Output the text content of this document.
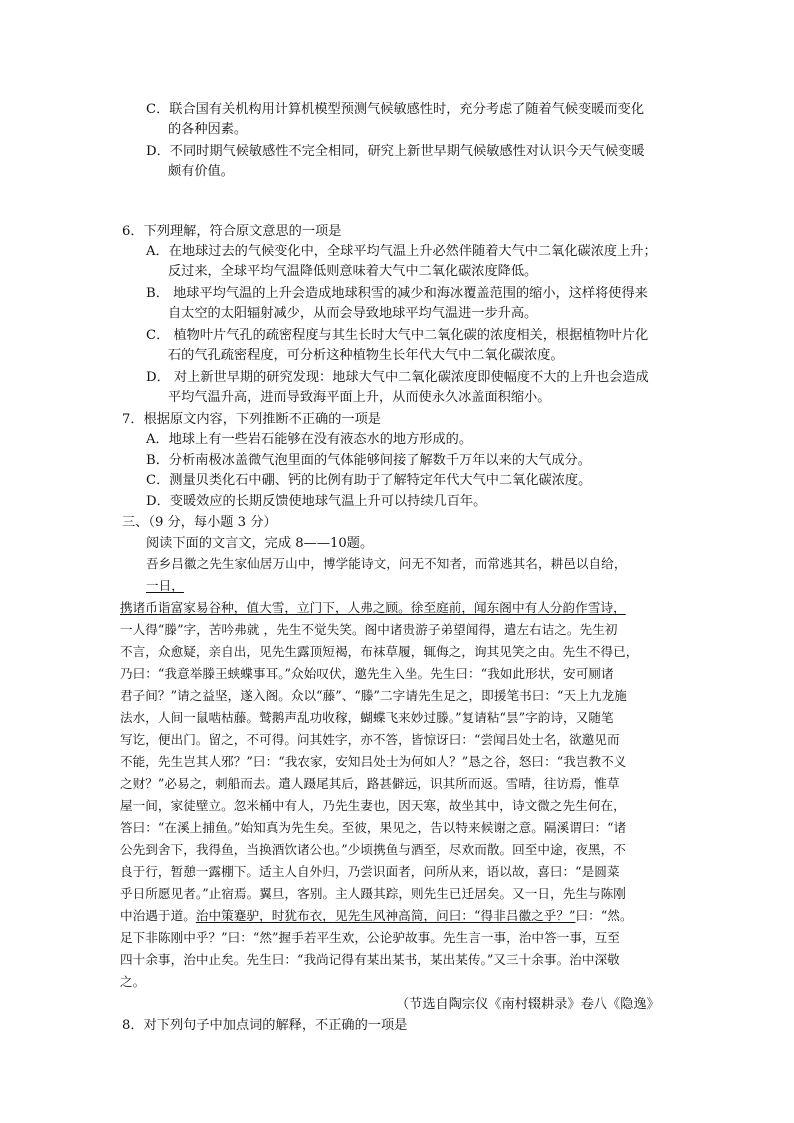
C．联合国有关机构用计算机模型预测气候敏感性时，充分考虑了随着气候变暖而变化
的各种因素。
D．不同时期气候敏感性不完全相同，研究上新世早期气候敏感性对认识今天气候变暖
颇有价值。
6．下列理解，符合原文意思的一项是
A．在地球过去的气候变化中，全球平均气温上升必然伴随着大气中二氧化碳浓度上升；
反过来，全球平均气温降低则意味着大气中二氧化碳浓度降低。
B． 地球平均气温的上升会造成地球积雪的减少和海冰覆盖范围的缩小，这样将使得来
自太空的太阳辐射减少，从而会导致地球平均气温进一步升高。
C． 植物叶片气孔的疏密程度与其生长时大气中二氧化碳的浓度相关，根据植物叶片化
石的气孔疏密程度，可分析这种植物生长年代大气中二氧化碳浓度。
D． 对上新世早期的研究发现：地球大气中二氧化碳浓度即使幅度不大的上升也会造成
平均气温升高，进而导致海平面上升，从而使永久冰盖面积缩小。
7．根据原文内容，下列推断不正确的一项是
A．地球上有一些岩石能够在没有液态水的地方形成的。
B．分析南极冰盖微气泡里面的气体能够间接了解数千万年以来的大气成分。
C．测量贝类化石中硼、钙的比例有助于了解特定年代大气中二氧化碳浓度。
D．变暖效应的长期反馈使地球气温上升可以持续几百年。
三、（9 分，每小题 3 分）
阅读下面的文言文，完成 8——10题。
吾乡吕徽之先生家仙居万山中，博学能诗文，问无不知者，而常逃其名，耕邑以自给，
一日，
携诸币诣富家易谷种，值大雪，立门下，人弗之顾。徐至庭前，闻东阁中有人分韵作雪诗，
一人得“滕”字，苦吟弗就 ，先生不觉失笑。阁中诸贵游子弟望闻得，遣左右诘之。先生初
不言，众愈疑，亲自出，见先生露顶短褐，布袜草履，辄侮之，询其见笑之由。先生不得已，
乃曰：“我意举滕王蛱蝶事耳。”众始叹伏，邀先生入坐。先生曰：“我如此形状，安可厕诸
君子间？”请之益坚，遂入阁。众以“藤”、“滕”二字请先生足之，即援笔书曰：“天上九龙施
法水，人间一鼠啮枯藤。鹫鹅声乱功收稼，蝴蝶飞来妙过滕。”复请粘“昙”字韵诗，又随笔
写讫，便出门。留之，不可得。问其姓字，亦不答，皆惊讶曰：“尝闻吕处士名，欲邀见而
不能，先生岂其人邪？”曰：“我农家，安知吕处士为何如人？”恳之谷，怒曰：“我岂教不义
之财？”必易之，刺船而去。遣人蹑尾其后，路甚僻远，识其所而返。雪晴，往访焉，惟草
屋一间，家徒壁立。忽米桶中有人，乃先生妻也，因天寒，故坐其中，诗文微之先生何在，
答曰：“在溪上捕鱼。”始知真为先生矣。至彼，果见之，告以特来候谢之意。隔溪谓曰：“诸
公先到舍下，我得鱼，当换酒饮诸公也。”少顷携鱼与酒至，尽欢而散。回至中途，夜黑，不
良于行，暂憩一露棚下。适主人自外归，乃尝识面者，问所从来，语以故，喜曰：“是圆菜
乎日所愿见者。”止宿焉。翼旦，客别。主人蹑其踪，则先生已迁居矣。又一日，先生与陈刚
中治遇于道。治中策蹇驴，时犹布衣，见先生风神高简，问曰：“得非吕徽之乎？”曰：“然。
足下非陈刚中乎？”曰：“然”握手若平生欢，公论驴故事。先生言一事，治中答一事，互至
四十余事，治中止矣。先生曰：“我尚记得有某出某书，某出某传。”又三十余事。治中深敬
之。
（节选自陶宗仪《南村辍耕录》卷八《隐逸》
8．对下列句子中加点词的解释，不正确的一项是
